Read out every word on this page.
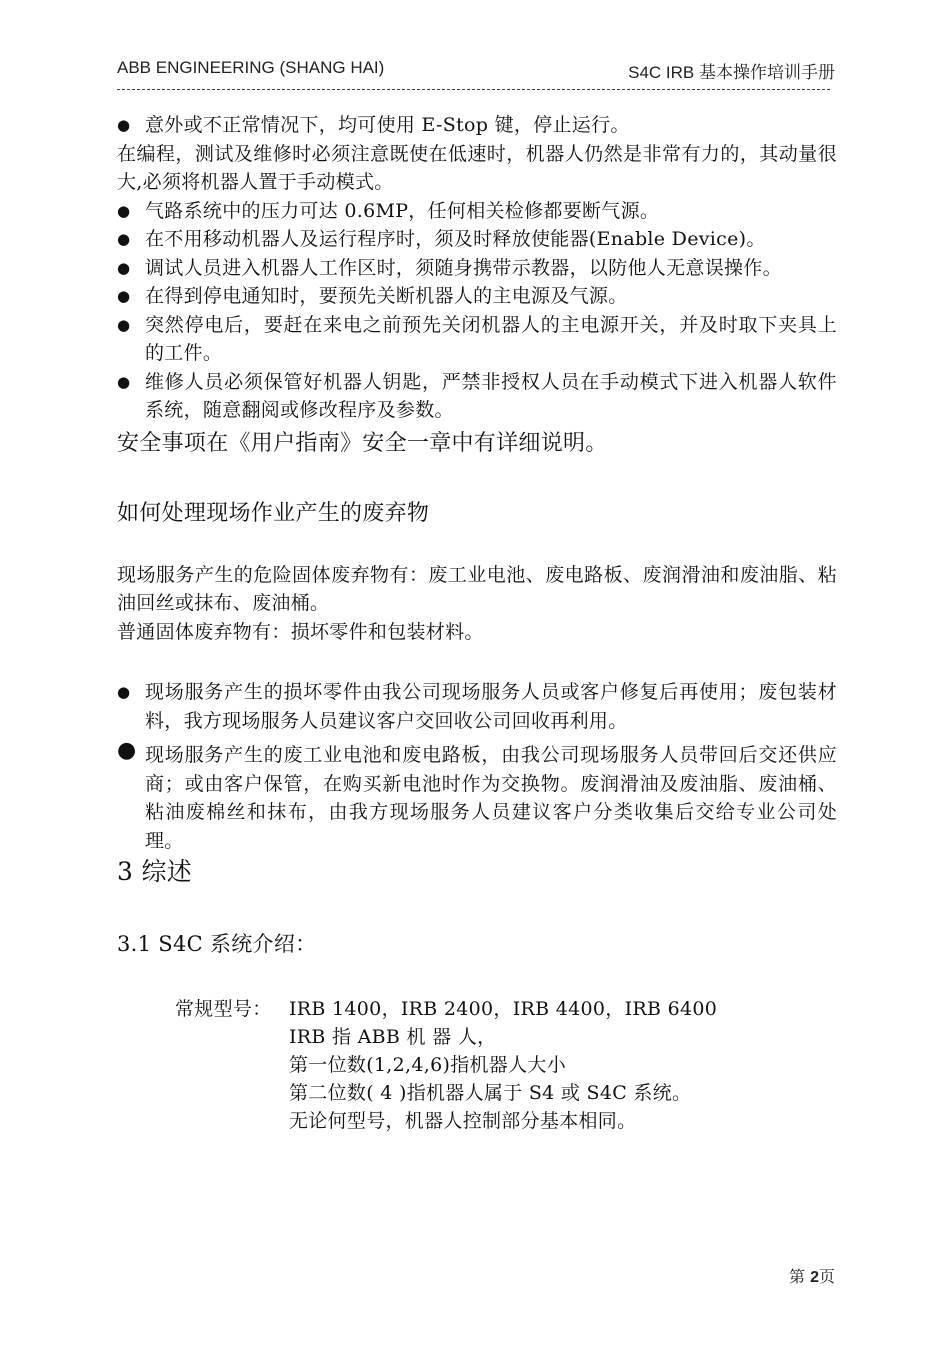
ABB ENGINEERING (SHANG HAI)	S4C IRB 基本操作培训手册
● 意外或不正常情况下，均可使用 E-Stop 键，停止运行。
在编程，测试及维修时必须注意既使在低速时，机器人仍然是非常有力的，其动量很大,必须将机器人置于手动模式。
● 气路系统中的压力可达 0.6MP，任何相关检修都要断气源。
● 在不用移动机器人及运行程序时，须及时释放使能器(Enable Device)。
● 调试人员进入机器人工作区时，须随身携带示教器，以防他人无意误操作。
● 在得到停电通知时，要预先关断机器人的主电源及气源。
● 突然停电后，要赶在来电之前预先关闭机器人的主电源开关，并及时取下夹具上的工件。
● 维修人员必须保管好机器人钥匙，严禁非授权人员在手动模式下进入机器人软件系统，随意翻阅或修改程序及参数。
安全事项在《用户指南》安全一章中有详细说明。
如何处理现场作业产生的废弃物
现场服务产生的危险固体废弃物有：废工业电池、废电路板、废润滑油和废油脂、粘油回丝或抹布、废油桶。
普通固体废弃物有：损坏零件和包装材料。
● 现场服务产生的损坏零件由我公司现场服务人员或客户修复后再使用；废包装材料，我方现场服务人员建议客户交回收公司回收再利用。
● 现场服务产生的废工业电池和废电路板，由我公司现场服务人员带回后交还供应商；或由客户保管，在购买新电池时作为交换物。废润滑油及废油脂、废油桶、粘油废棉丝和抹布，由我方现场服务人员建议客户分类收集后交给专业公司处理。
3 综述
3.1 S4C 系统介绍：
常规型号： IRB 1400，IRB 2400，IRB 4400，IRB 6400
IRB 指 ABB 机 器 人，
第一位数(1,2,4,6)指机器人大小
第二位数( 4 )指机器人属于 S4 或 S4C 系统。
无论何型号，机器人控制部分基本相同。
第 2页
